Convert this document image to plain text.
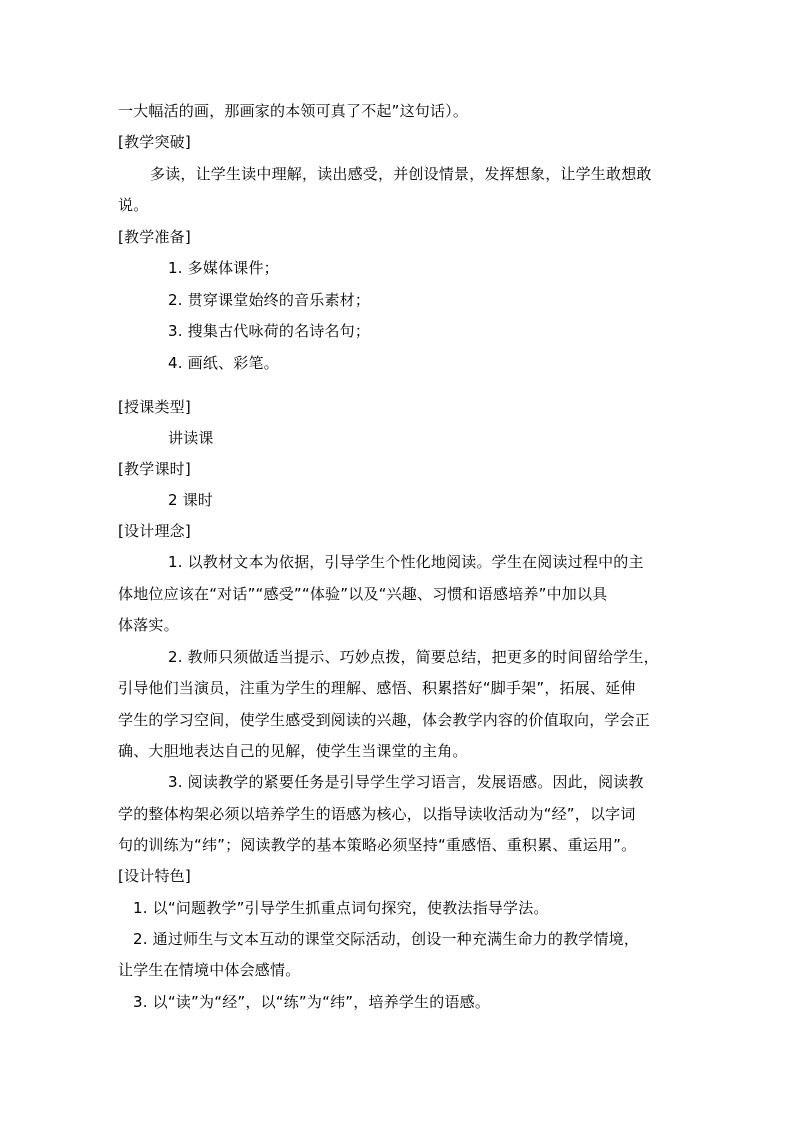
一大幅活的画，那画家的本领可真了不起”这句话）。
[教学突破]
多读，让学生读中理解，读出感受，并创设情景，发挥想象，让学生敢想敢
说。
[教学准备]
1. 多媒体课件；
2. 贯穿课堂始终的音乐素材；
3. 搜集古代咏荷的名诗名句；
4. 画纸、彩笔。
[授课类型]
讲读课
[教学课时]
2 课时
[设计理念]
1. 以教材文本为依据，引导学生个性化地阅读。学生在阅读过程中的主
体地位应该在“对话”“感受”“体验”以及“兴趣、习惯和语感培养”中加以具
体落实。
2. 教师只须做适当提示、巧妙点拨，简要总结，把更多的时间留给学生，
引导他们当演员，注重为学生的理解、感悟、积累搭好“脚手架”，拓展、延伸
学生的学习空间，使学生感受到阅读的兴趣，体会教学内容的价值取向，学会正
确、大胆地表达自己的见解，使学生当课堂的主角。
3. 阅读教学的紧要任务是引导学生学习语言，发展语感。因此，阅读教
学的整体构架必须以培养学生的语感为核心，以指导读收活动为“经”，以字词
句的训练为“纬”；阅读教学的基本策略必须坚持“重感悟、重积累、重运用”。
[设计特色]
1. 以“问题教学”引导学生抓重点词句探究，使教法指导学法。
2. 通过师生与文本互动的课堂交际活动，创设一种充满生命力的教学情境，
让学生在情境中体会感情。
3. 以“读”为“经”，以“练”为“纬”，培养学生的语感。
